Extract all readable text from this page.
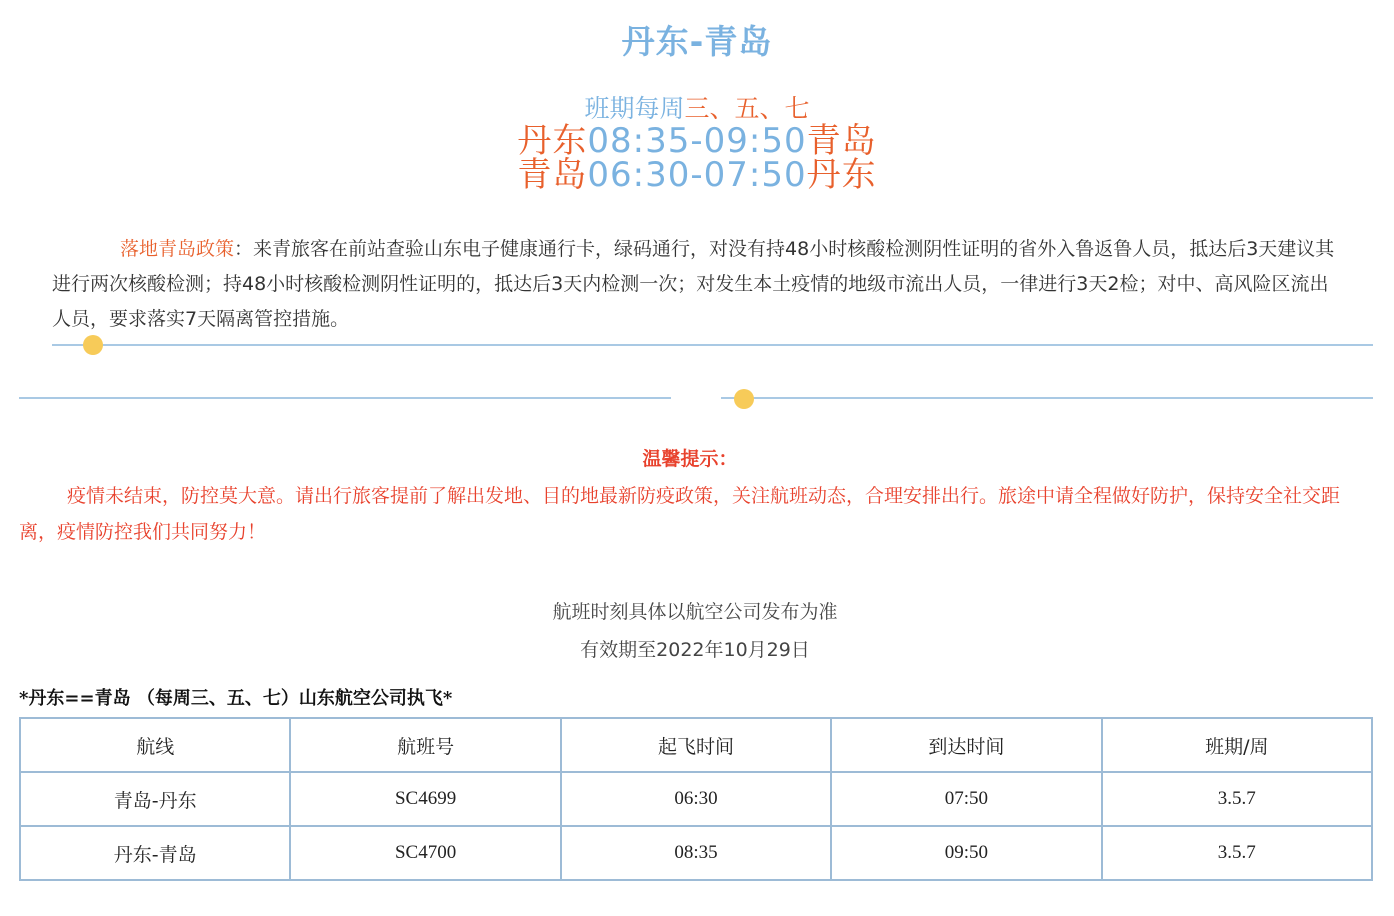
丹东-青岛
班期每周三、五、七
丹东08:35-09:50青岛
青岛06:30-07:50丹东
落地青岛政策：来青旅客在前站查验山东电子健康通行卡，绿码通行，对没有持48小时核酸检测阴性证明的省外入鲁返鲁人员，抵达后3天建议其进行两次核酸检测；持48小时核酸检测阴性证明的，抵达后3天内检测一次；对发生本土疫情的地级市流出人员，一律进行3天2检；对中、高风险区流出人员，要求落实7天隔离管控措施。
温馨提示：
疫情未结束，防控莫大意。请出行旅客提前了解出发地、目的地最新防疫政策，关注航班动态，合理安排出行。旅途中请全程做好防护，保持安全社交距离，疫情防控我们共同努力！
航班时刻具体以航空公司发布为准
有效期至2022年10月29日
*丹东==青岛 （每周三、五、七）山东航空公司执飞*
航线	航班号	起飞时间	到达时间	班期/周
青岛-丹东	SC4699	06:30	07:50	3.5.7
丹东-青岛	SC4700	08:35	09:50	3.5.7
